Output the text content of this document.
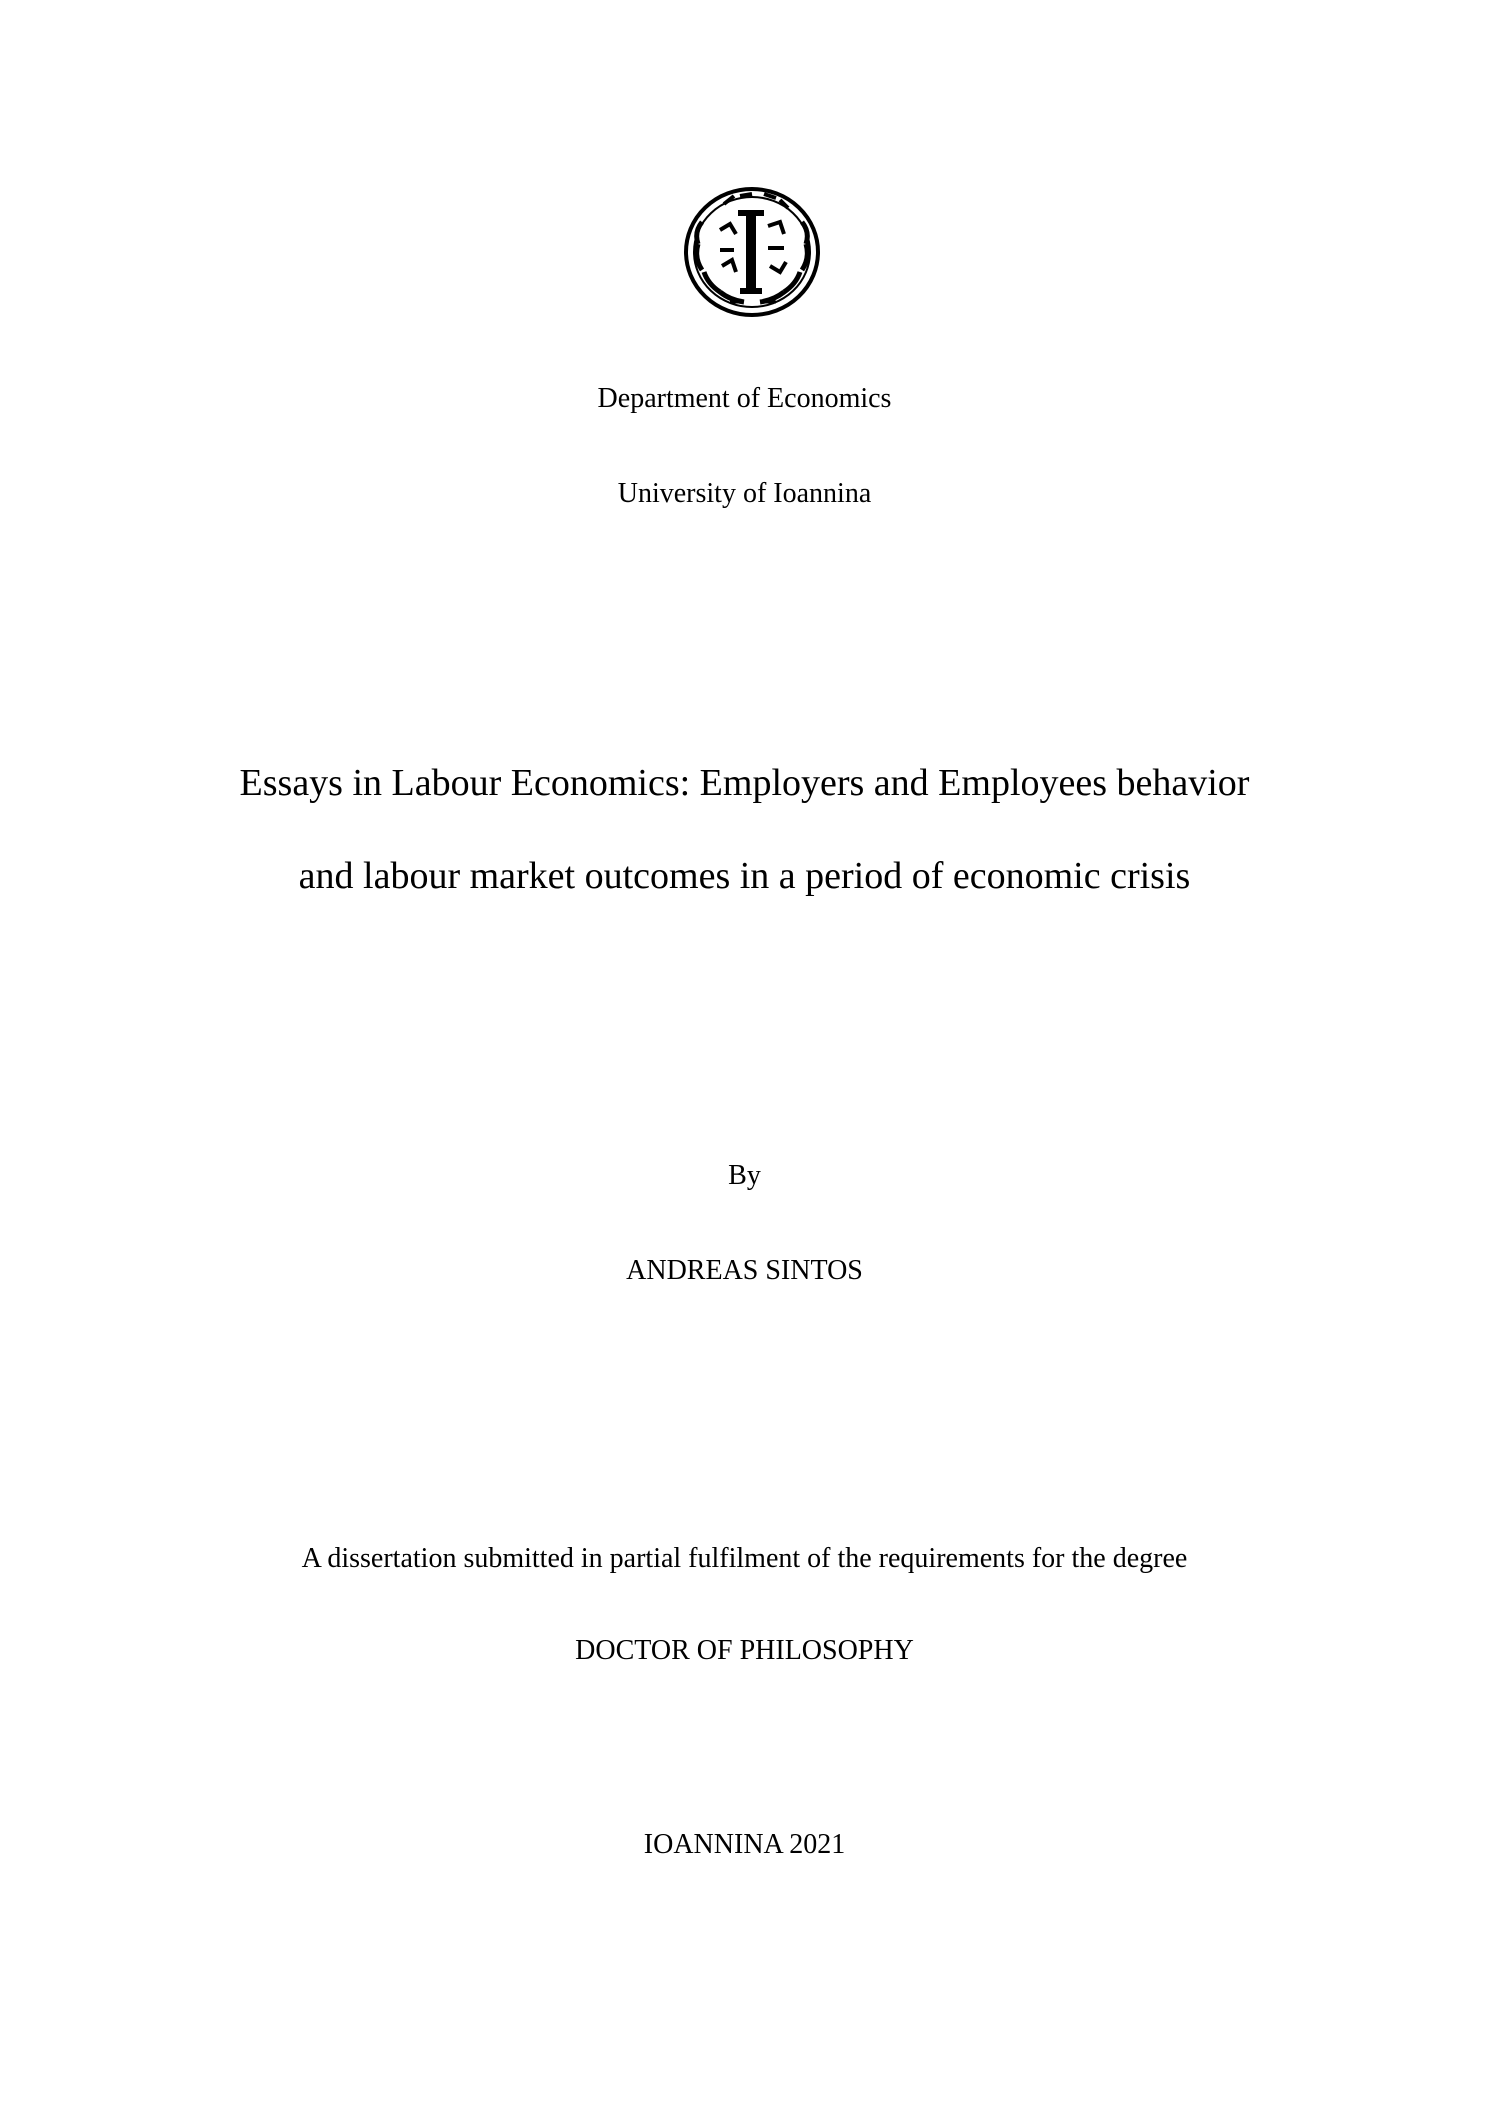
Department of Economics
University of Ioannina
Essays in Labour Economics: Employers and Employees behavior
and labour market outcomes in a period of economic crisis
By
ANDREAS SINTOS
A dissertation submitted in partial fulfilment of the requirements for the degree
DOCTOR OF PHILOSOPHY
IOANNINA 2021
